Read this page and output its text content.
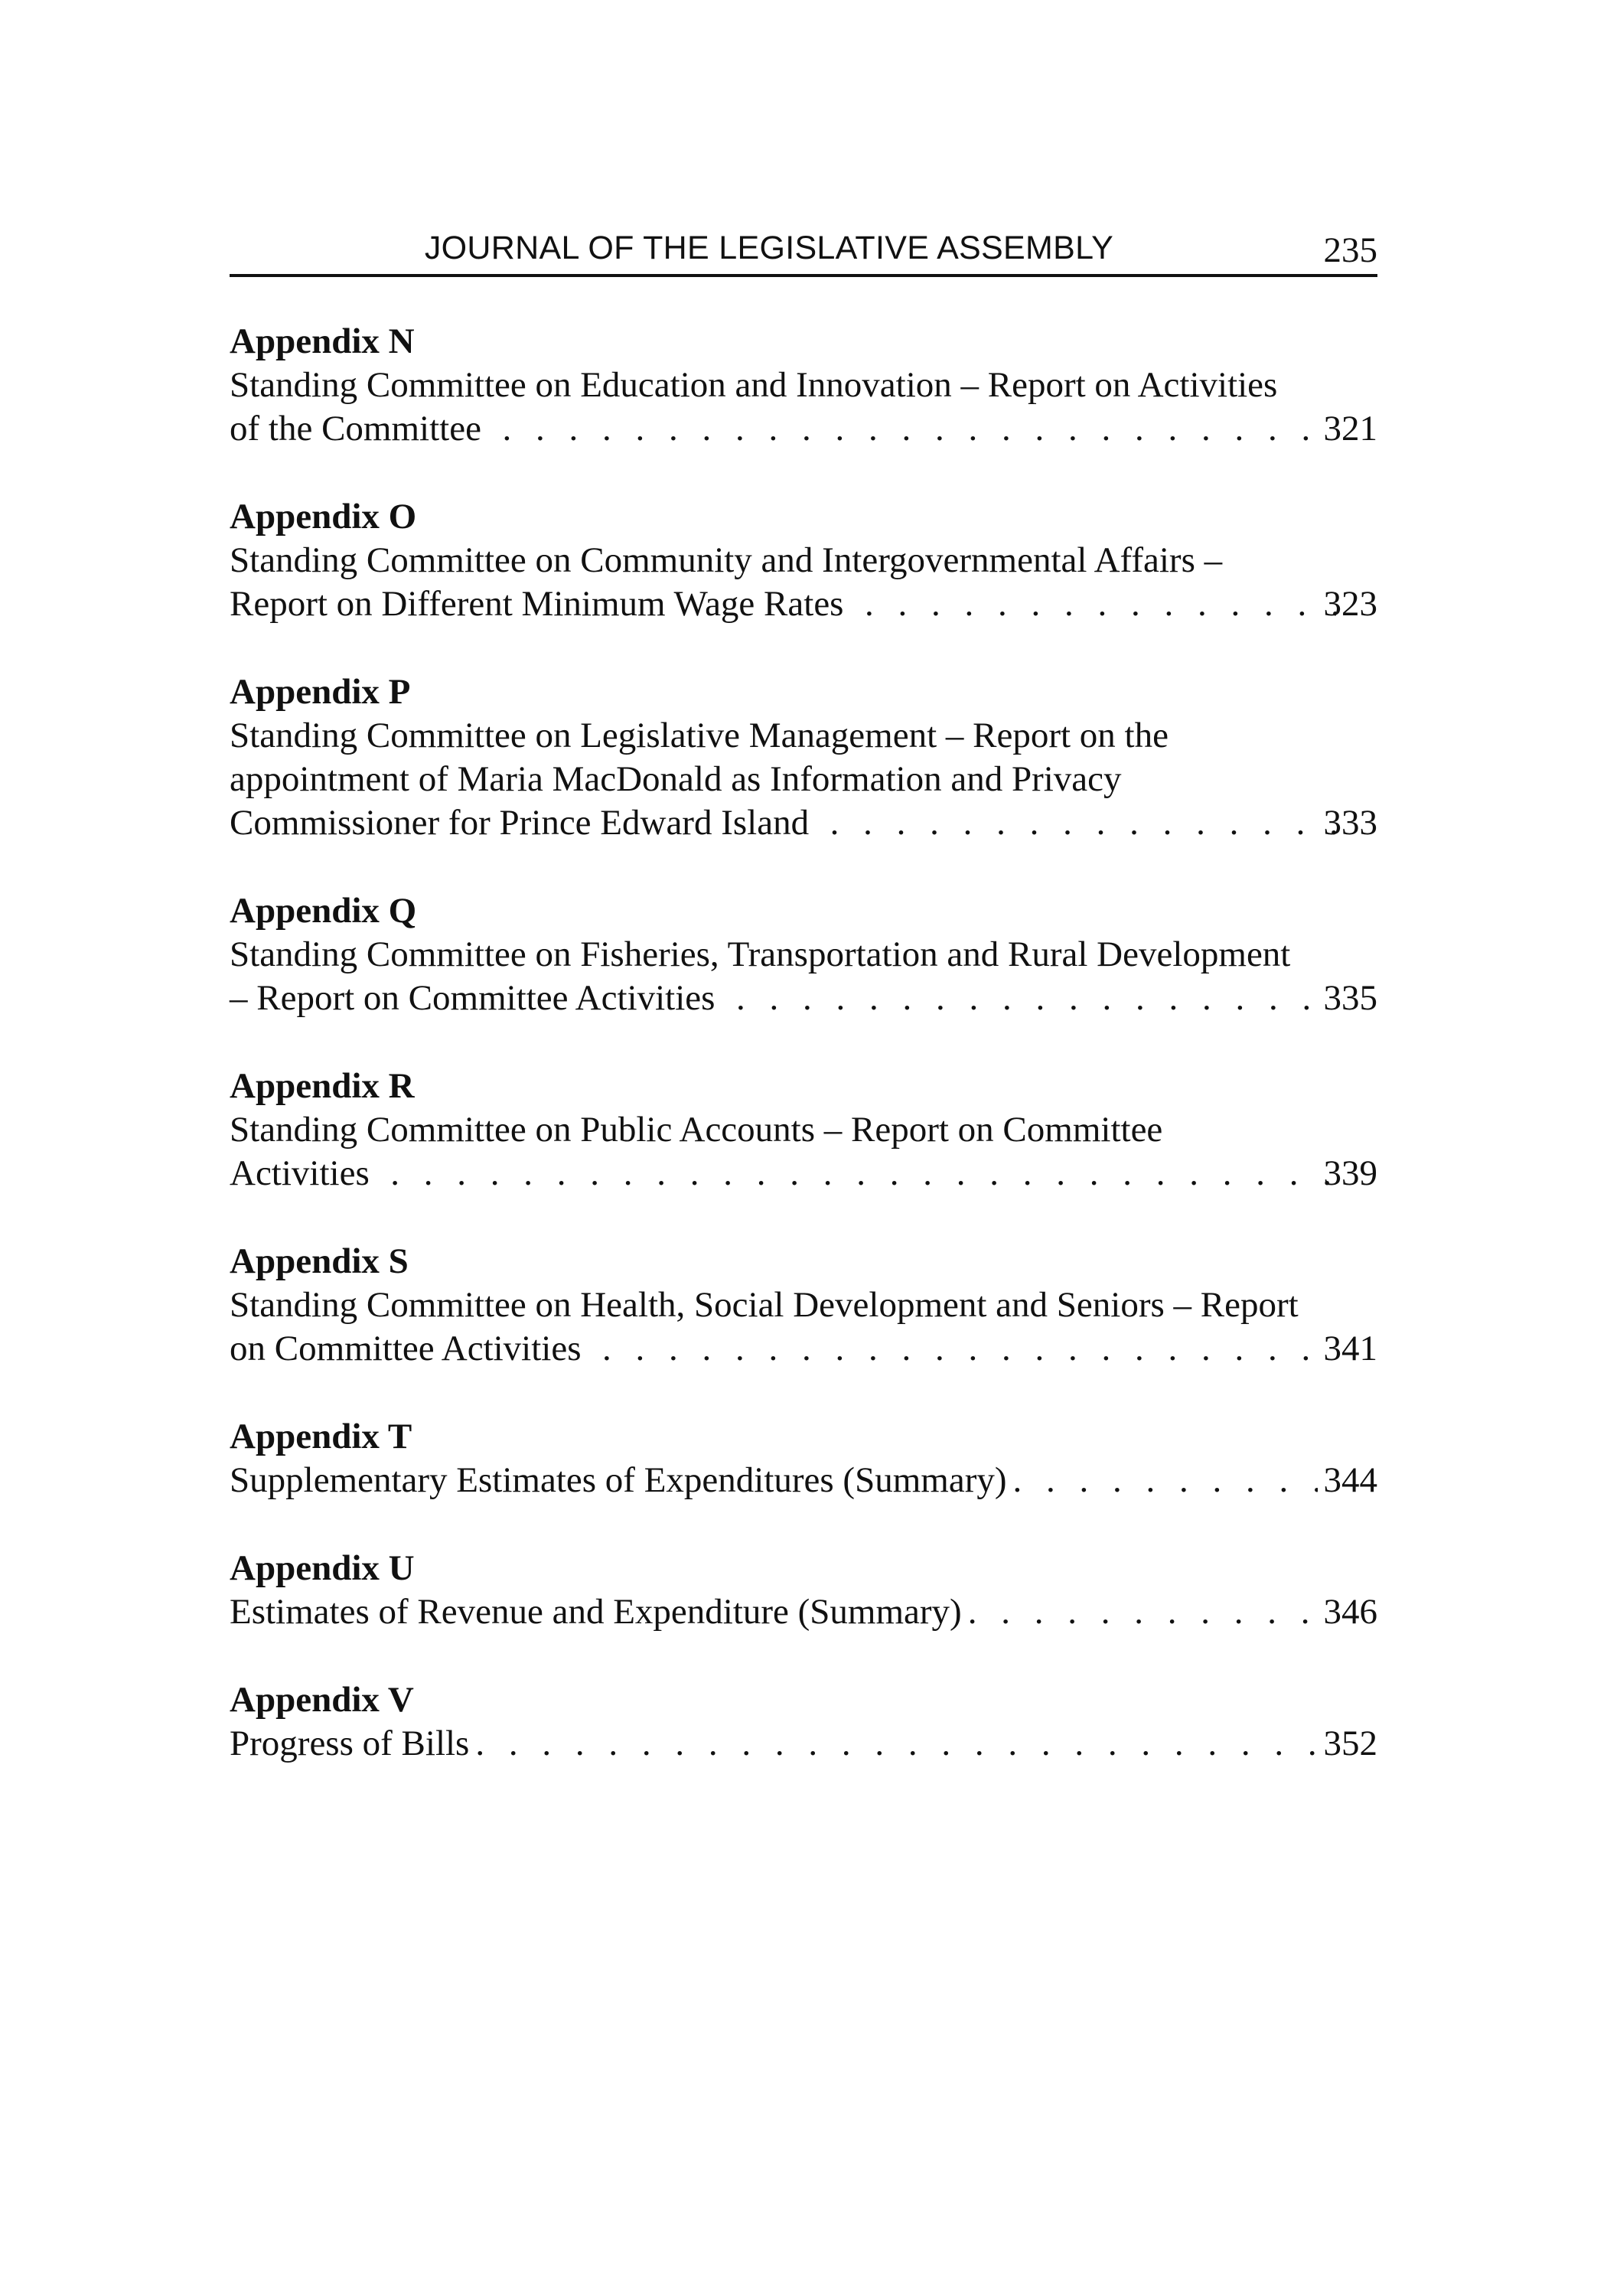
JOURNAL OF THE LEGISLATIVE ASSEMBLY	235
Appendix N
Standing Committee on Education and Innovation – Report on Activities
of the Committee . . .	321
Appendix O
Standing Committee on Community and Intergovernmental Affairs –
Report on Different Minimum Wage Rates . . .	323
Appendix P
Standing Committee on Legislative Management – Report on the
appointment of Maria MacDonald as Information and Privacy
Commissioner for Prince Edward Island . . .	333
Appendix Q
Standing Committee on Fisheries, Transportation and Rural Development
– Report on Committee Activities . . .	335
Appendix R
Standing Committee on Public Accounts – Report on Committee
Activities . . .	339
Appendix S
Standing Committee on Health, Social Development and Seniors – Report
on Committee Activities . . .	341
Appendix T
Supplementary Estimates of Expenditures (Summary) . . .	344
Appendix U
Estimates of Revenue and Expenditure (Summary) . . .	346
Appendix V
Progress of Bills . . .	352
